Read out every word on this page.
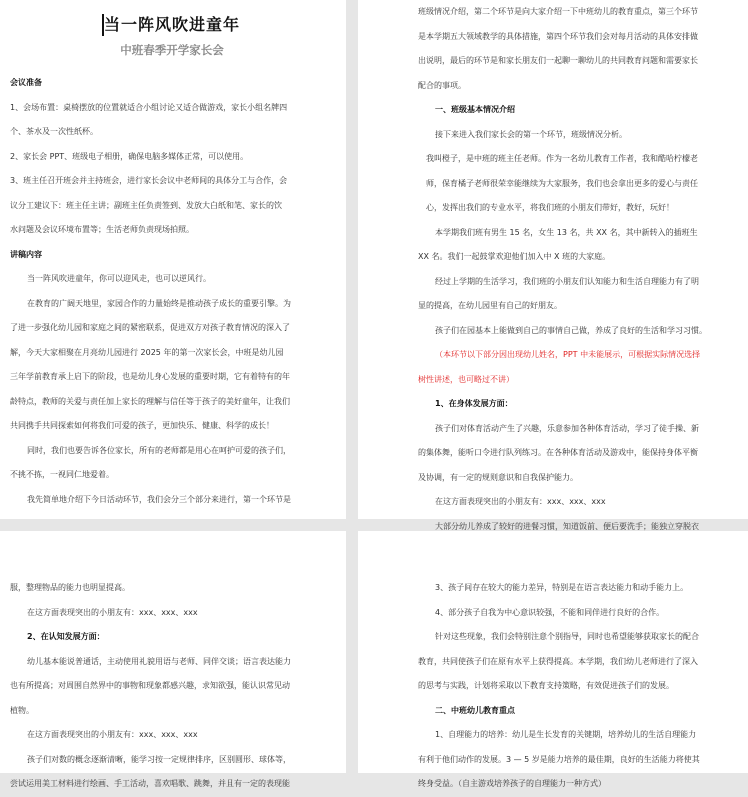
当一阵风吹进童年
中班春季开学家长会
会议准备
1、会场布置：桌椅摆放的位置就适合小组讨论又适合做游戏，家长小组名牌四
个、茶水及一次性纸杯。
2、家长会 PPT、班级电子相册，确保电脑多媒体正常，可以使用。
3、班主任召开班会并主持班会，进行家长会议中老师间的具体分工与合作，会
议分工建议下：班主任主讲；副班主任负责签到、发放大白纸和笔、家长的饮
水问题及会议环境布置等；生活老师负责现场拍照。
讲稿内容
当一阵风吹进童年，你可以迎风走，也可以逆风行。
在教育的广阔天地里，家园合作的力量始终是推动孩子成长的重要引擎。为
了进一步强化幼儿园和家庭之间的紧密联系，促进双方对孩子教育情况的深入了
解，今天大家相聚在月亮幼儿园进行 2025 年的第一次家长会，中班是幼儿园
三年学前教育承上启下的阶段，也是幼儿身心发展的重要时期，它有着特有的年
龄特点，教师的关爱与责任加上家长的理解与信任等于孩子的美好童年，让我们
共同携手共同探索如何将我们可爱的孩子，更加快乐、健康、科学的成长！
同时，我们也要告诉各位家长，所有的老师都是用心在呵护可爱的孩子们，
不挑不拣，一视同仁地爱着。
我先简单地介绍下今日活动环节，我们会分三个部分来进行，第一个环节是
班级情况介绍，第二个环节是向大家介绍一下中班幼儿的教育重点，第三个环节
是本学期五大领域教学的具体措施，第四个环节我们会对每月活动的具体安排做
出说明，最后的环节是和家长朋友们一起聊一聊幼儿的共同教育问题和需要家长
配合的事项。
一、班级基本情况介绍
接下来进入我们家长会的第一个环节，班级情况分析。
我叫橙子，是中班的班主任老师。作为一名幼儿教育工作者，我和酷哈柠檬老
师，保育橘子老师很荣幸能继续为大家服务，我们也会拿出更多的爱心与责任
心，发挥出我们的专业水平，将我们班的小朋友们带好，教好，玩好！
本学期我们班有男生 15 名，女生 13 名，共 XX 名，其中新转入的插班生
XX 名。我们一起鼓掌欢迎他们加入中 X 班的大家庭。
经过上学期的生活学习，我们班的小朋友们认知能力和生活自理能力有了明
显的提高，在幼儿园里有自己的好朋友。
孩子们在园基本上能做到自己的事情自己做，养成了良好的生活和学习习惯。
（本环节以下部分因出现幼儿姓名，PPT 中未能展示，可根据实际情况选择
树性讲述，也可略过不讲）
1、在身体发展方面：
孩子们对体育活动产生了兴趣，乐意参加各种体育活动，学习了徒手操、新
的集体舞，能听口令进行队列练习。在各种体育活动及游戏中，能保持身体平衡
及协调，有一定的规则意识和自我保护能力。
在这方面表现突出的小朋友有：xxx、xxx、xxx
大部分幼儿养成了较好的进餐习惯，知道饭前、便后要洗手；能独立穿脱衣
服，整理物品的能力也明显提高。
在这方面表现突出的小朋友有：xxx、xxx、xxx
2、在认知发展方面：
幼儿基本能说普通话，主动使用礼貌用语与老师、同伴交谈；语言表达能力
也有所提高；对周围自然界中的事物和现象都感兴趣，求知欲强，能认识常见动
植物。
在这方面表现突出的小朋友有：xxx、xxx、xxx
孩子们对数的概念逐渐清晰，能学习按一定规律排序，区别圆形、球体等，
尝试运用美工材料进行绘画、手工活动，喜欢唱歌、跳舞，并且有一定的表现能
3、孩子间存在较大的能力差异，特别是在语言表达能力和动手能力上。
4、部分孩子自我为中心意识较强，不能和同伴进行良好的合作。
针对这些现象，我们会特别注意个别指导，同时也希望能够获取家长的配合
教育，共同使孩子们在原有水平上获得提高。本学期，我们幼儿老师进行了深入
的思考与实践，计划将采取以下教育支持策略，有效促进孩子们的发展。
二、中班幼儿教育重点
1、自理能力的培养：幼儿是生长发育的关键期，培养幼儿的生活自理能力
有利于他们动作的发展。3 — 5 岁是能力培养的最佳期，良好的生活能力将使其
终身受益。（自主游戏培养孩子的自理能力一种方式）
